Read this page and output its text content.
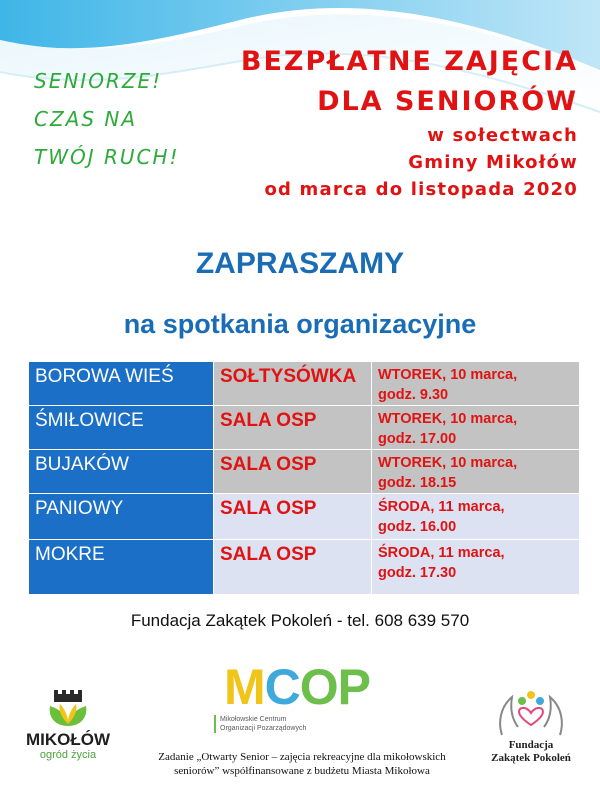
SENIORZE!
CZAS NA
TWÓJ RUCH!
BEZPŁATNE ZAJĘCIA
DLA SENIORÓW
w sołectwach
Gminy Mikołów
od marca do listopada 2020
ZAPRASZAMY
na spotkania organizacyjne
BOROWA WIEŚ	SOŁTYSÓWKA	WTOREK, 10 marca,
godz. 9.30

ŚMIŁOWICE	SALA OSP	WTOREK, 10 marca,
godz. 17.00

BUJAKÓW	SALA OSP	WTOREK, 10 marca,
godz. 18.15

PANIOWY	SALA OSP	ŚRODA, 11 marca,
godz. 16.00

MOKRE	SALA OSP	ŚRODA, 11 marca,
godz. 17.30
Fundacja Zakątek Pokoleń - tel. 608 639 570
MIKOŁÓW
ogród życia
MCOP
Mikołowskie Centrum
Organizacji Pozarządowych
Fundacja
Zakątek Pokoleń
Zadanie „Otwarty Senior – zajęcia rekreacyjne dla mikołowskich
seniorów” współfinansowane z budżetu Miasta Mikołowa
